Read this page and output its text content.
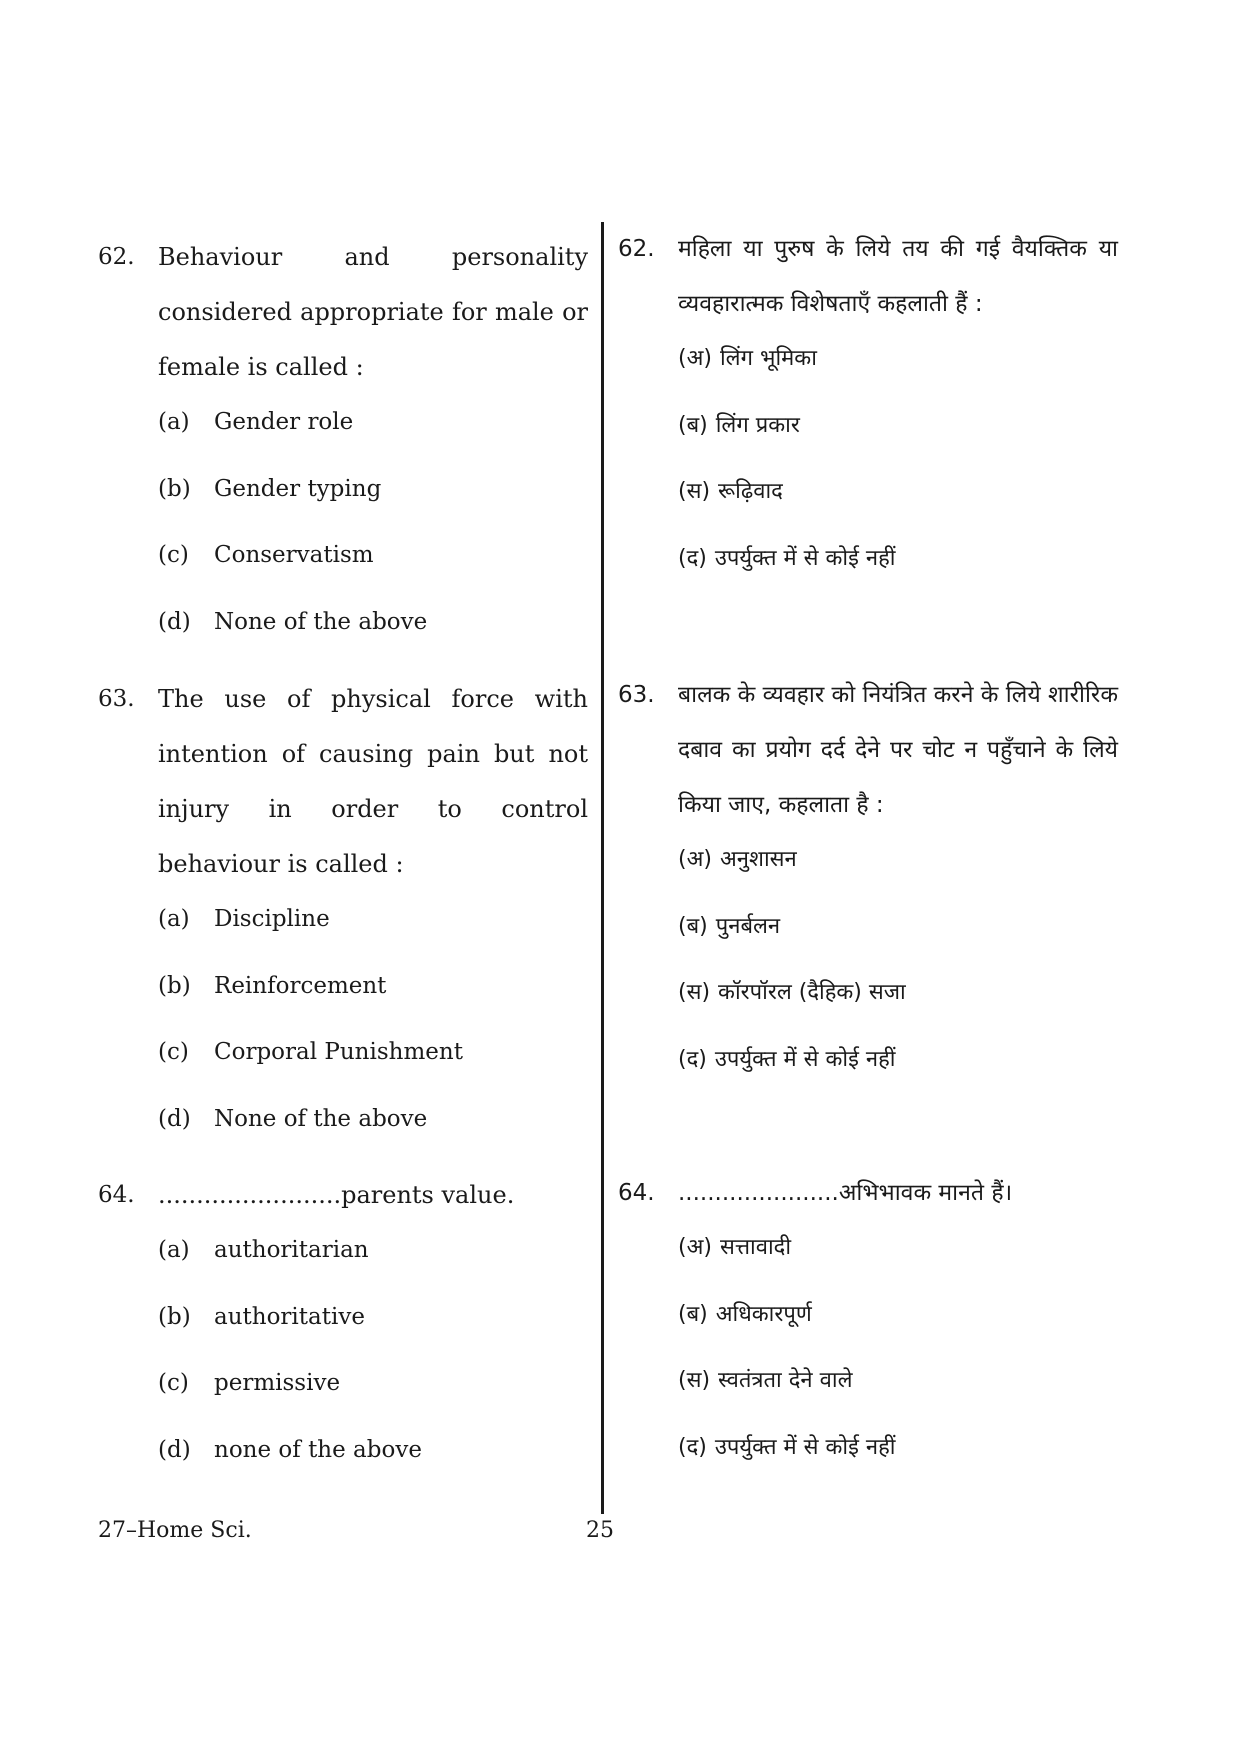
62. Behaviour and personality considered appropriate for male or female is called :
(a)	Gender role
(b)	Gender typing
(c)	Conservatism
(d)	None of the above
63. The use of physical force with intention of causing pain but not injury in order to control behaviour is called :
(a)	Discipline
(b)	Reinforcement
(c)	Corporal Punishment
(d)	None of the above
64. ........................parents value.
(a)	authoritarian
(b)	authoritative
(c)	permissive
(d)	none of the above
62. महिला या पुरुष के लिये तय की गई वैयक्तिक या व्यवहारात्मक विशेषताएँ कहलाती हैं :
(अ) लिंग भूमिका
(ब) लिंग प्रकार
(स) रूढ़िवाद
(द) उपर्युक्त में से कोई नहीं
63. बालक के व्यवहार को नियंत्रित करने के लिये शारीरिक दबाव का प्रयोग दर्द देने पर चोट न पहुँचाने के लिये किया जाए, कहलाता है :
(अ) अनुशासन
(ब) पुनर्बलन
(स) कॉरपॉरल (दैहिक) सजा
(द) उपर्युक्त में से कोई नहीं
64. ......................अभिभावक मानते हैं।
(अ) सत्तावादी
(ब) अधिकारपूर्ण
(स) स्वतंत्रता देने वाले
(द) उपर्युक्त में से कोई नहीं
27–Home Sci.	25
